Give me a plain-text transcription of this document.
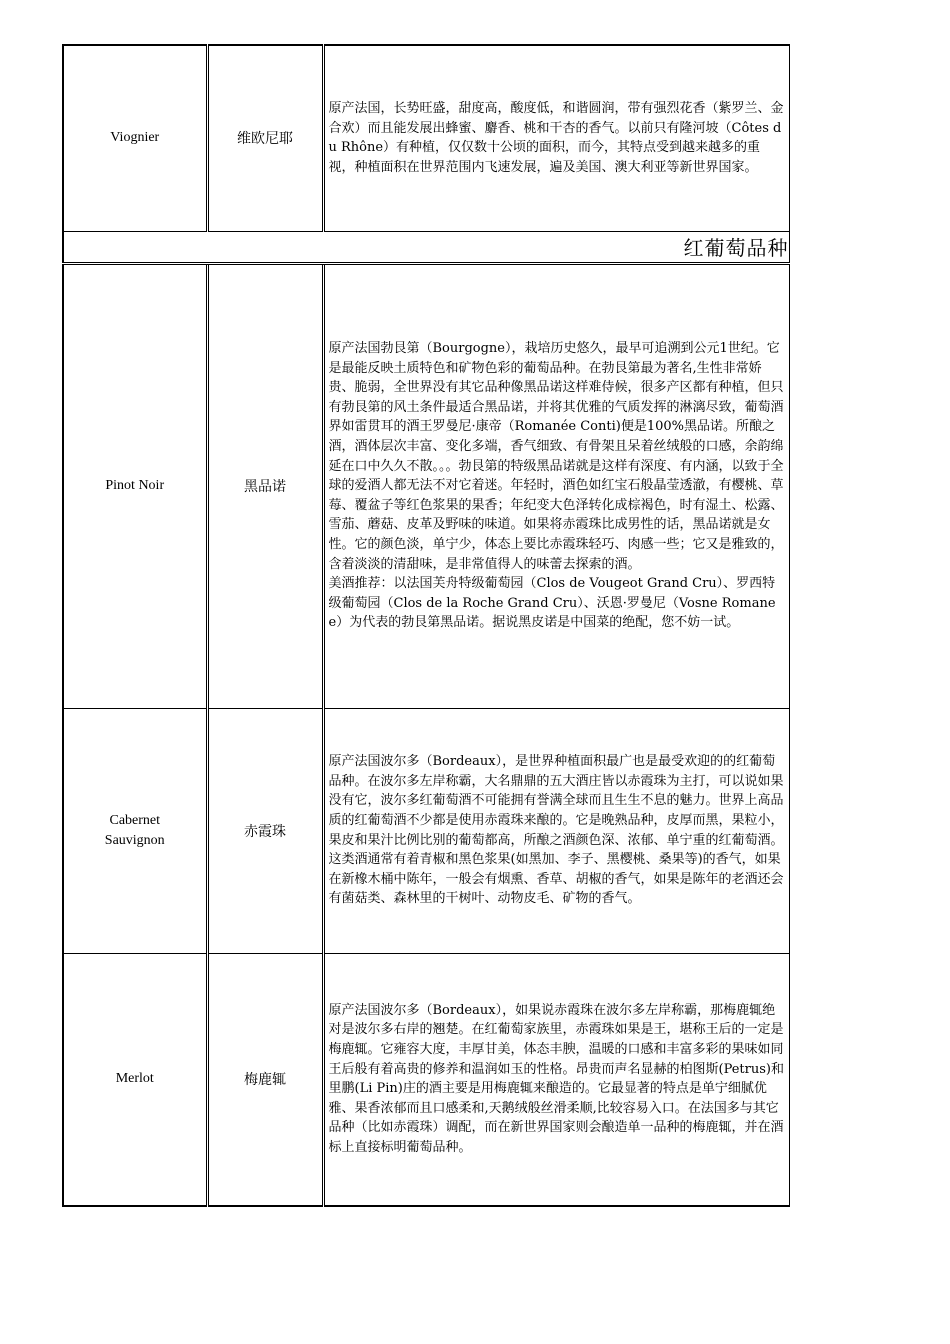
Viognier	维欧尼耶	原产法国，长势旺盛，甜度高，酸度低，和谐圆润，带有强烈花香（紫罗兰、金合欢）而且能发展出蜂蜜、麝香、桃和干杏的香气。以前只有隆河坡（Côtes du Rhône）有种植，仅仅数十公顷的面积，而今，其特点受到越来越多的重视，种植面积在世界范围内飞速发展，遍及美国、澳大利亚等新世界国家。
红葡萄品种		
Pinot Noir	黑品诺	原产法国勃艮第（Bourgogne），栽培历史悠久，最早可追溯到公元1世纪。它是最能反映土质特色和矿物色彩的葡萄品种。在勃艮第最为著名,生性非常娇贵、脆弱，全世界没有其它品种像黑品诺这样难侍候，很多产区都有种植，但只有勃艮第的风土条件最适合黑品诺，并将其优雅的气质发挥的淋漓尽致，葡萄酒界如雷贯耳的酒王罗曼尼·康帝（Romanée Conti)便是100%黑品诺。所酿之酒，酒体层次丰富、变化多端，香气细致、有骨架且呆着丝绒般的口感，余韵绵延在口中久久不散。。。勃艮第的特级黑品诺就是这样有深度、有内涵，以致于全球的爱酒人都无法不对它着迷。年轻时，酒色如红宝石般晶莹透澈，有樱桃、草莓、覆盆子等红色浆果的果香；年纪变大色泽转化成棕褐色，时有湿土、松露、雪茄、蘑菇、皮革及野味的味道。如果将赤霞珠比成男性的话，黑品诺就是女性。它的颜色淡，单宁少，体态上要比赤霞珠轻巧、肉感一些；它又是雅致的，含着淡淡的清甜味，是非常值得人的味蕾去探索的酒。
美酒推荐：以法国芙舟特级葡萄园（Clos de Vougeot Grand Cru）、罗西特级葡萄园（Clos de la Roche Grand Cru）、沃恩·罗曼尼（Vosne Romanee）为代表的勃艮第黑品诺。据说黑皮诺是中国菜的绝配，您不妨一试。
Cabernet
Sauvignon	赤霞珠	原产法国波尔多（Bordeaux），是世界种植面积最广也是最受欢迎的的红葡萄品种。在波尔多左岸称霸，大名鼎鼎的五大酒庄皆以赤霞珠为主打，可以说如果没有它，波尔多红葡萄酒不可能拥有誉满全球而且生生不息的魅力。世界上高品质的红葡萄酒不少都是使用赤霞珠来酿的。它是晚熟品种，皮厚而黑，果粒小，果皮和果汁比例比别的葡萄都高，所酿之酒颜色深、浓郁、单宁重的红葡萄酒。这类酒通常有着青椒和黑色浆果(如黑加、李子、黑樱桃、桑果等)的香气，如果在新橡木桶中陈年，一般会有烟熏、香草、胡椒的香气，如果是陈年的老酒还会有菌菇类、森林里的干树叶、动物皮毛、矿物的香气。
Merlot	梅鹿辄	原产法国波尔多（Bordeaux），如果说赤霞珠在波尔多左岸称霸，那梅鹿辄绝对是波尔多右岸的翘楚。在红葡萄家族里，赤霞珠如果是王，堪称王后的一定是梅鹿辄。它雍容大度，丰厚甘美，体态丰腴，温暖的口感和丰富多彩的果味如同王后般有着高贵的修养和温润如玉的性格。昂贵而声名显赫的柏图斯(Petrus)和里鹏(Li Pin)庄的酒主要是用梅鹿辄来酿造的。它最显著的特点是单宁细腻优雅、果香浓郁而且口感柔和,天鹅绒般丝滑柔顺,比较容易入口。在法国多与其它品种（比如赤霞珠）调配，而在新世界国家则会酿造单一品种的梅鹿辄，并在酒标上直接标明葡萄品种。
